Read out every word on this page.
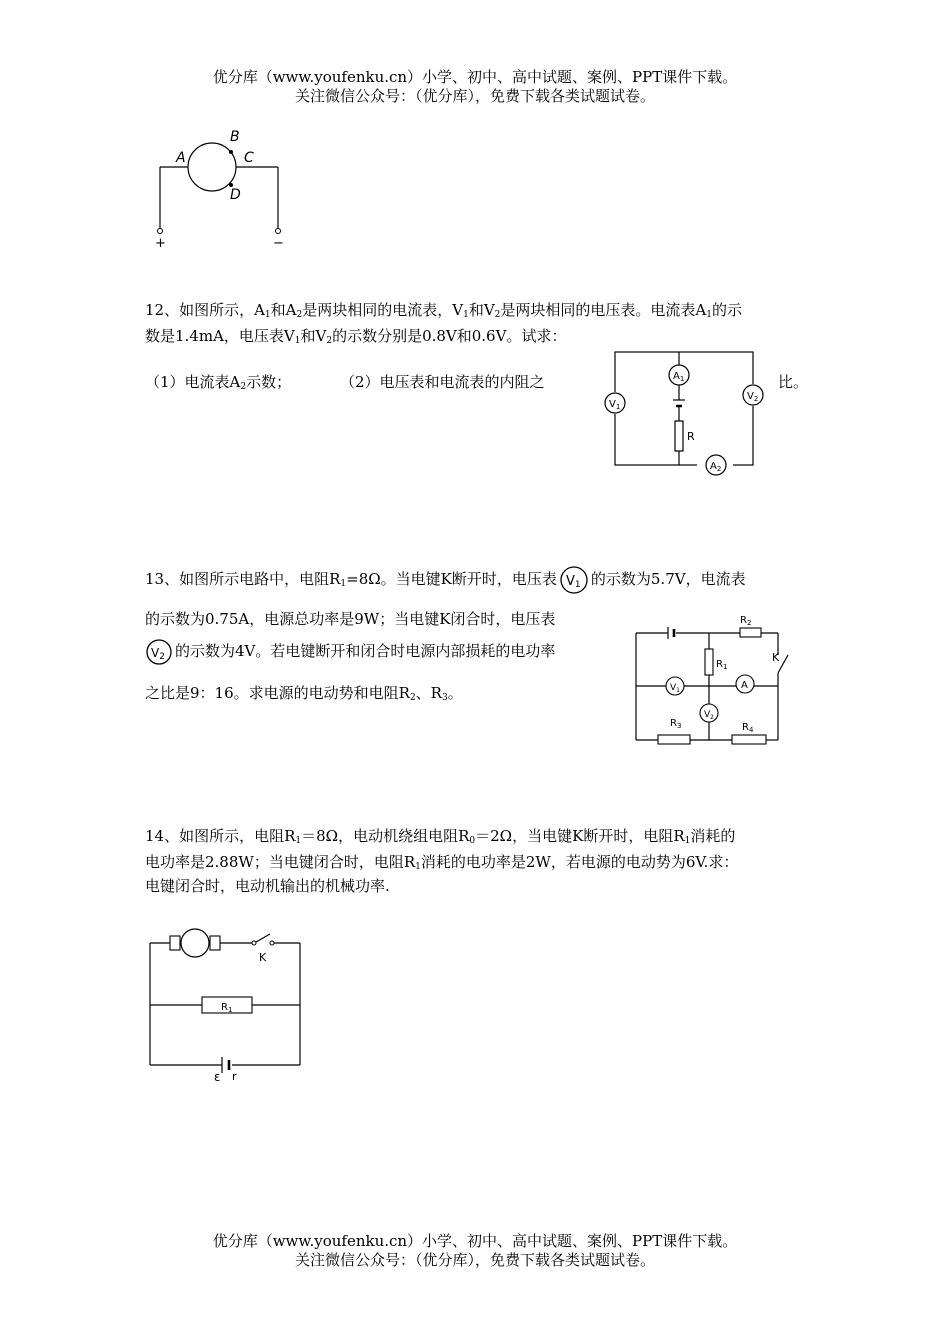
优分库（www.youfenku.cn）小学、初中、高中试题、案例、PPT课件下载。
关注微信公众号：（优分库），免费下载各类试题试卷。
A
B
C
D
+	−
12、如图所示，$A_1$和$A_2$是两块相同的电流表，$V_1$和$V_2$是两块相同的电压表。电流表$A_1$的示
数是1.4mA，电压表$V_1$和$V_2$的示数分别是0.8V和0.6V。试求：
（1）电流表$A_2$示数；	（2）电压表和电流表的内阻之	比。
$A_1$
$V_1$
$V_2$
$A_2$
R
13、如图所示电路中，电阻$R_1=8\Omega$。当电键K断开时，电压表 V1 的示数为5.7V，电流表
的示数为0.75A，电源总功率是9W；当电键K闭合时，电压表
V2 的示数为4V。若电键断开和闭合时电源内部损耗的电功率
之比是9：16。求电源的电动势和电阻$R_2$、$R_3$。	$V_1$	A
$V_2$
$R_2$
$R_1$
K
$R_3$	$R_4$
14、如图所示，电阻$R_1=8\Omega$，电动机绕组电阻$R_0=2\Omega$，当电键K断开时，电阻$R_1$消耗的
电功率是2.88W；当电键闭合时，电阻$R_1$消耗的电功率是2W，若电源的电动势为6V.求：
电键闭合时，电动机输出的机械功率.
K
$R_1$
ε r
优分库（www.youfenku.cn）小学、初中、高中试题、案例、PPT课件下载。
关注微信公众号：（优分库），免费下载各类试题试卷。
